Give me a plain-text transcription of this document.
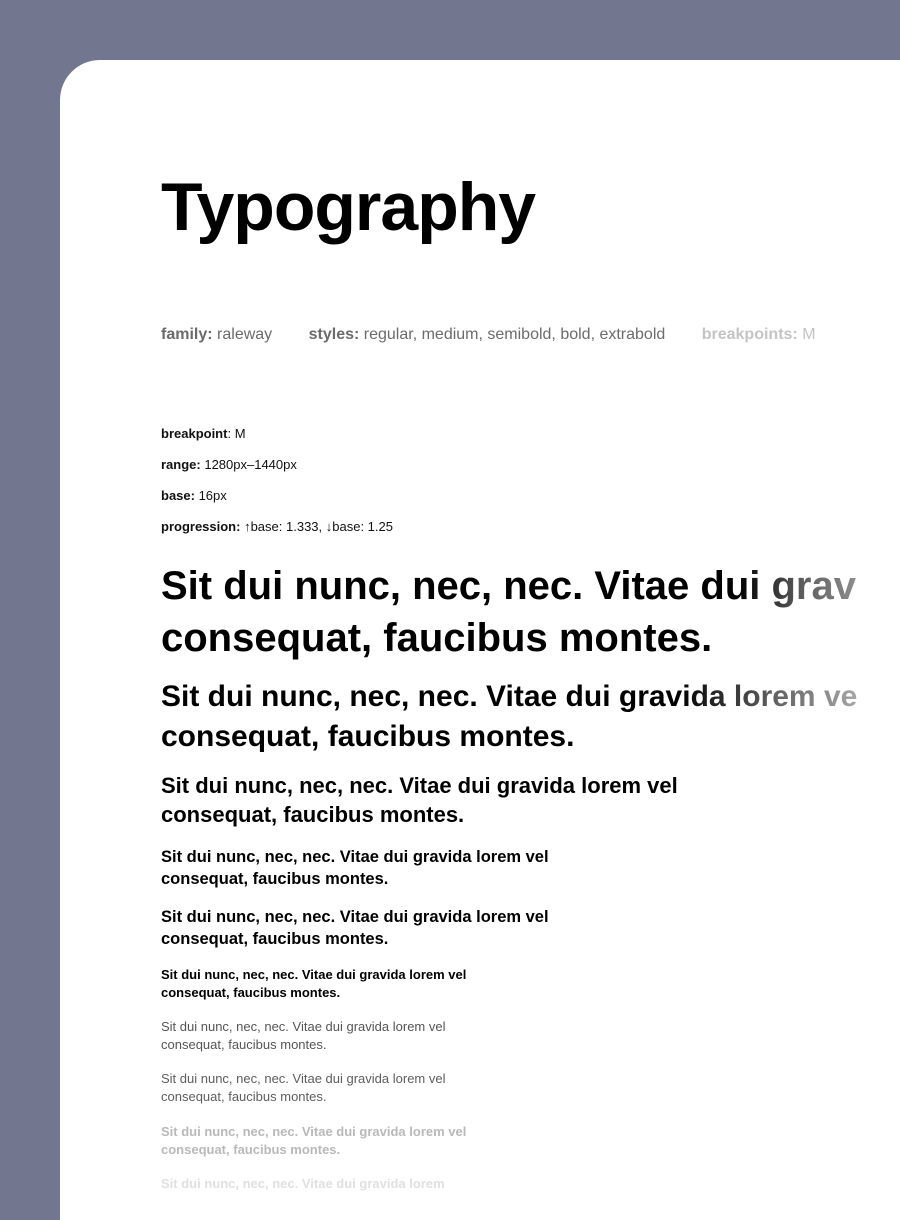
Typography
family: raleway styles: regular, medium, semibold, bold, extrabold breakpoints: M
breakpoint: M
range: 1280px–1440px
base: 16px
progression: ↑base: 1.333, ↓base: 1.25

Sit dui nunc, nec, nec. Vitae dui grav
consequat, faucibus montes.

Sit dui nunc, nec, nec. Vitae dui gravida lorem ve
consequat, faucibus montes.

Sit dui nunc, nec, nec. Vitae dui gravida lorem vel consequat, faucibus montes.

Sit dui nunc, nec, nec. Vitae dui gravida lorem vel consequat, faucibus montes.

Sit dui nunc, nec, nec. Vitae dui gravida lorem vel consequat, faucibus montes.

Sit dui nunc, nec, nec. Vitae dui gravida lorem vel consequat, faucibus montes.

Sit dui nunc, nec, nec. Vitae dui gravida lorem vel consequat, faucibus montes.

Sit dui nunc, nec, nec. Vitae dui gravida lorem vel consequat, faucibus montes.

Sit dui nunc, nec, nec. Vitae dui gravida lorem vel consequat, faucibus montes.

Sit dui nunc, nec, nec. Vitae dui gravida lorem
